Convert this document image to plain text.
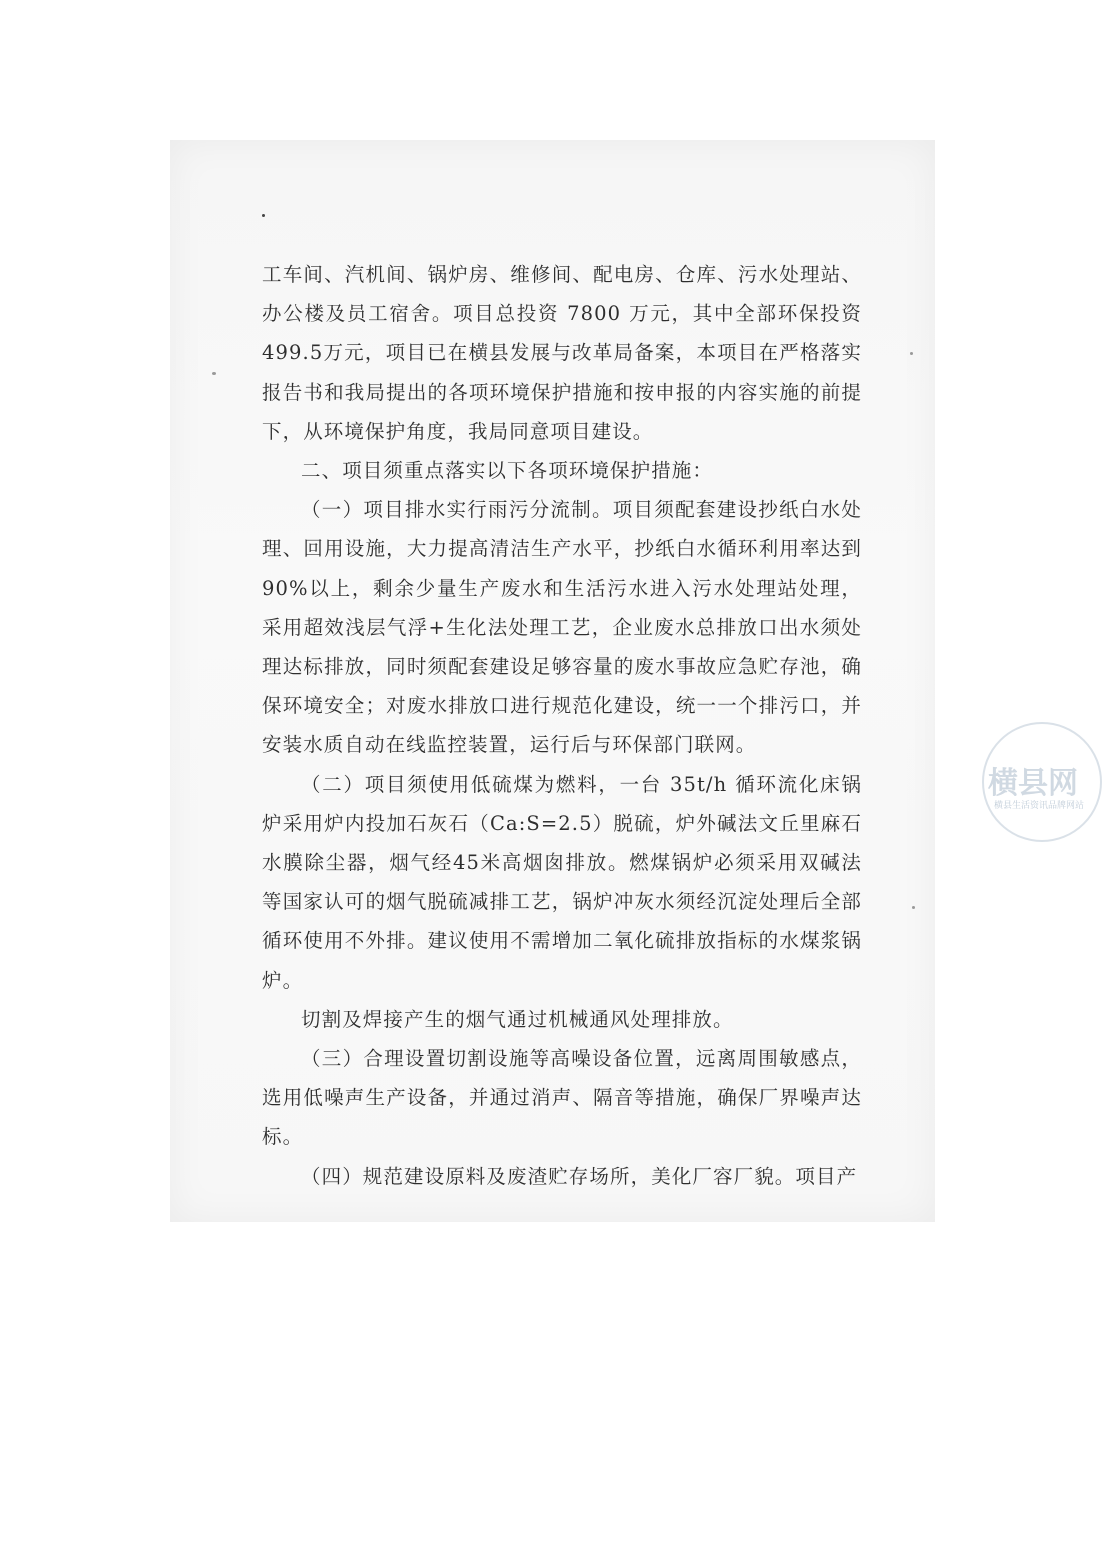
工车间、汽机间、锅炉房、维修间、配电房、仓库、污水处理站、办公楼及员工宿舍。项目总投资 7800 万元，其中全部环保投资499.5万元，项目已在横县发展与改革局备案，本项目在严格落实报告书和我局提出的各项环境保护措施和按申报的内容实施的前提下，从环境保护角度，我局同意项目建设。

二、项目须重点落实以下各项环境保护措施：

（一）项目排水实行雨污分流制。项目须配套建设抄纸白水处理、回用设施，大力提高清洁生产水平，抄纸白水循环利用率达到90%以上，剩余少量生产废水和生活污水进入污水处理站处理，采用超效浅层气浮+生化法处理工艺，企业废水总排放口出水须处理达标排放，同时须配套建设足够容量的废水事故应急贮存池，确保环境安全；对废水排放口进行规范化建设，统一一个排污口，并安装水质自动在线监控装置，运行后与环保部门联网。

（二）项目须使用低硫煤为燃料，一台 35t/h 循环流化床锅炉采用炉内投加石灰石（Ca:S=2.5）脱硫，炉外碱法文丘里麻石水膜除尘器，烟气经45米高烟囱排放。燃煤锅炉必须采用双碱法等国家认可的烟气脱硫减排工艺，锅炉冲灰水须经沉淀处理后全部循环使用不外排。建议使用不需增加二氧化硫排放指标的水煤浆锅炉。

切割及焊接产生的烟气通过机械通风处理排放。

（三）合理设置切割设施等高噪设备位置，远离周围敏感点，选用低噪声生产设备，并通过消声、隔音等措施，确保厂界噪声达标。

（四）规范建设原料及废渣贮存场所，美化厂容厂貌。项目产

横县网
横县生活资讯品牌网站
